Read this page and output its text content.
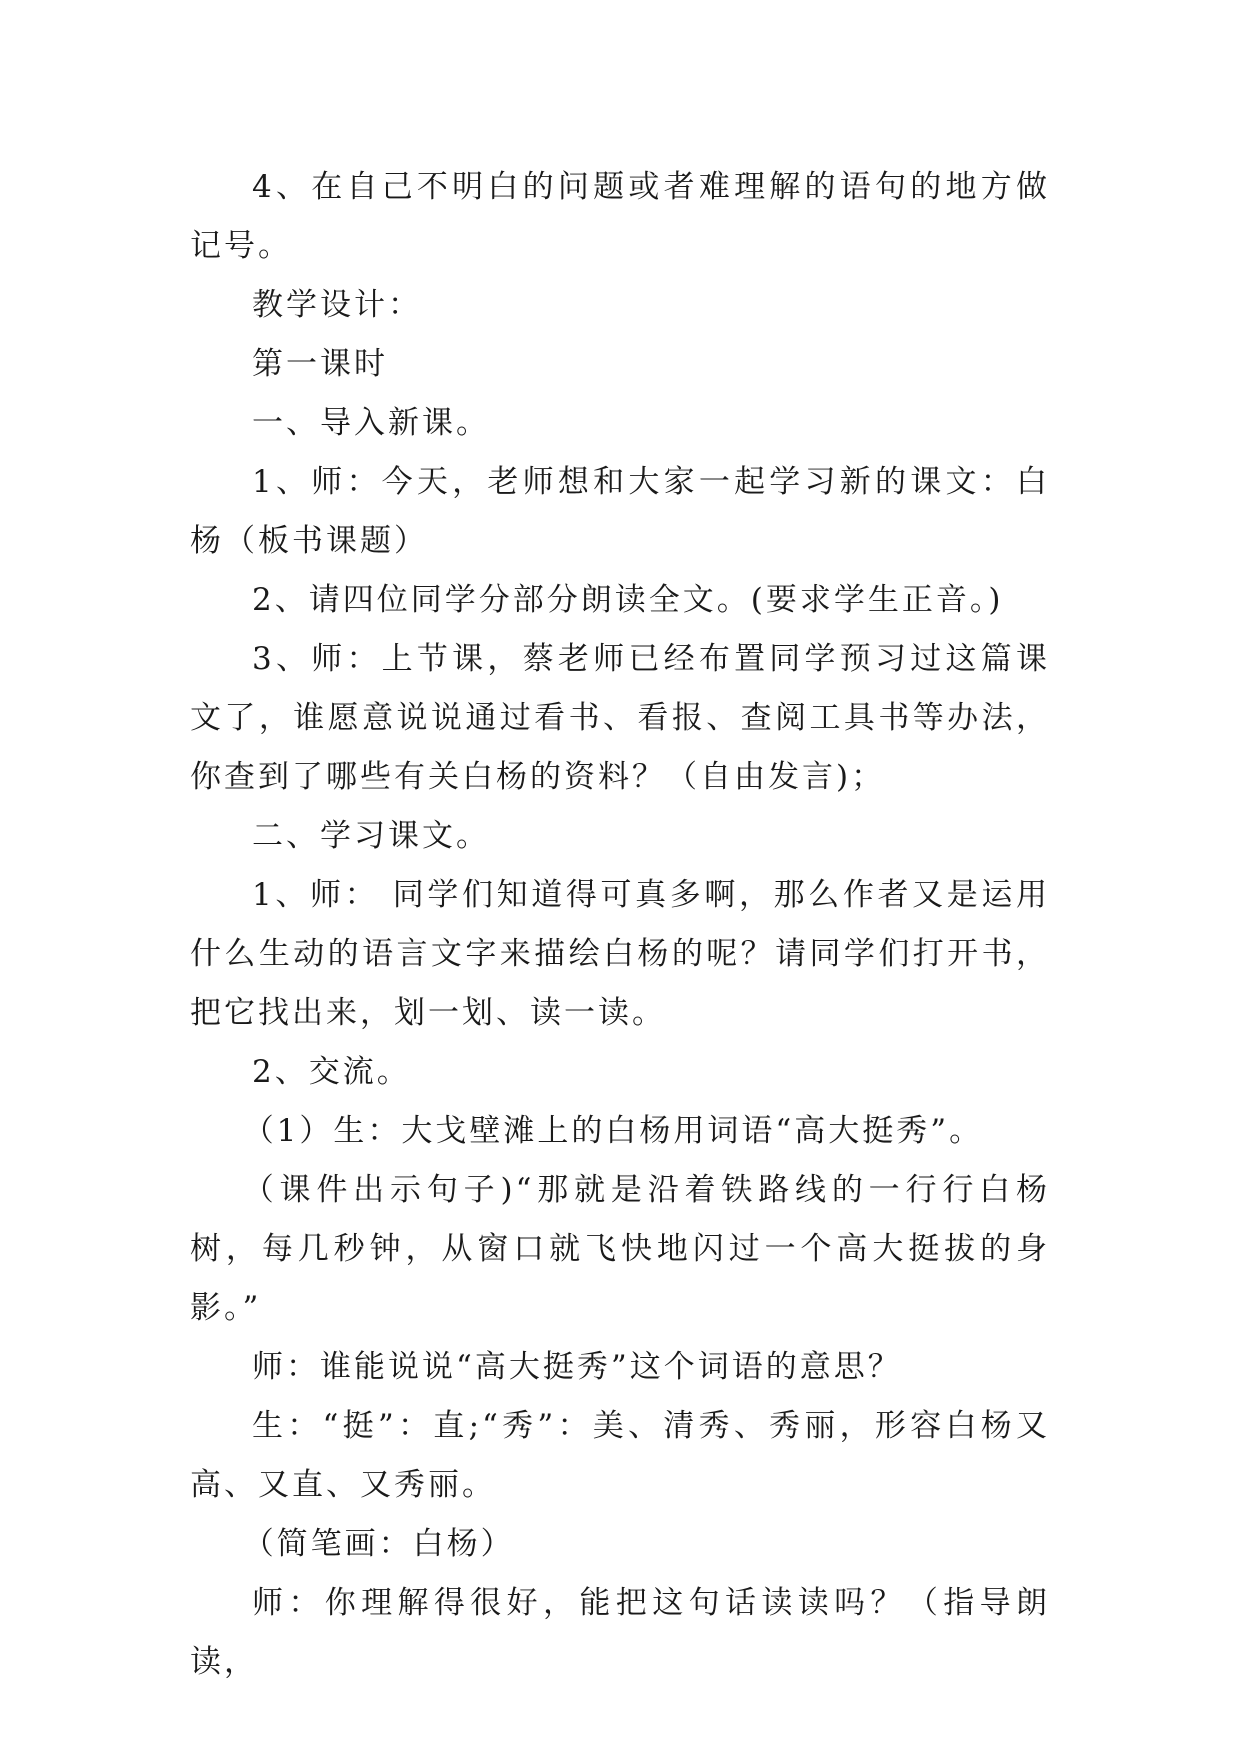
4、在自己不明白的问题或者难理解的语句的地方做记号。

教学设计：

第一课时

一、导入新课。

1、师：今天，老师想和大家一起学习新的课文：白杨（板书课题）

2、请四位同学分部分朗读全文。(要求学生正音。)

3、师：上节课，蔡老师已经布置同学预习过这篇课文了，谁愿意说说通过看书、看报、查阅工具书等办法，你查到了哪些有关白杨的资料？（自由发言)；

二、学习课文。

1、师： 同学们知道得可真多啊，那么作者又是运用什么生动的语言文字来描绘白杨的呢？请同学们打开书，把它找出来，划一划、读一读。

2、交流。

（1）生：大戈壁滩上的白杨用词语“高大挺秀”。

（课件出示句子)“那就是沿着铁路线的一行行白杨树，每几秒钟，从窗口就飞快地闪过一个高大挺拔的身影。”

师：谁能说说“高大挺秀”这个词语的意思？

生：“挺”：直;“秀”：美、清秀、秀丽，形容白杨又高、又直、又秀丽。

（简笔画：白杨）

师：你理解得很好，能把这句话读读吗？（指导朗读，
